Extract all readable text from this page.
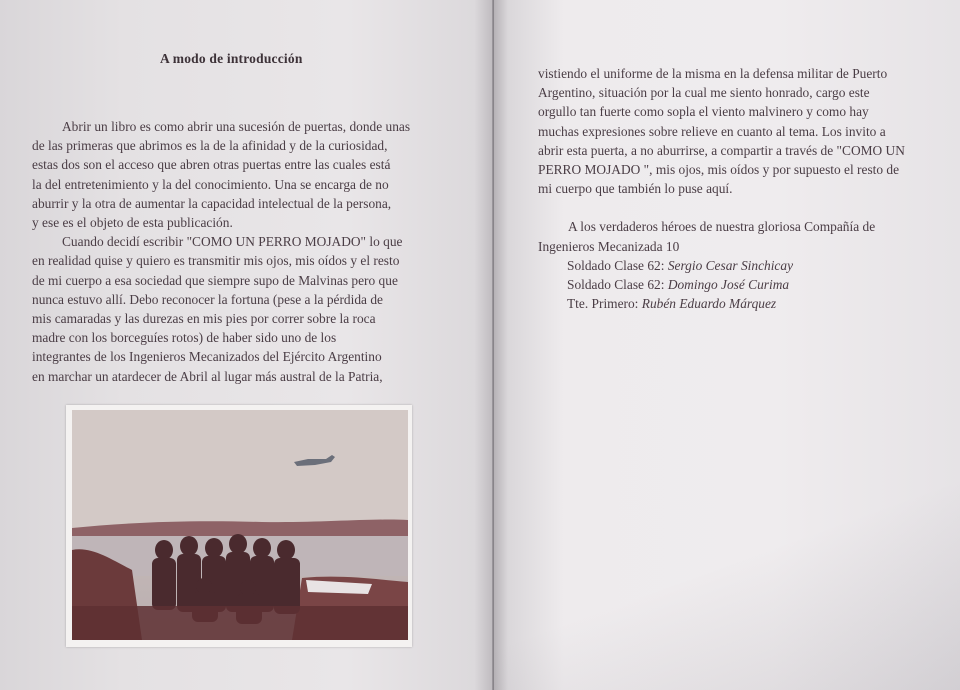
A modo de introducción
Abrir un libro es como abrir una sucesión de puertas, donde unas
de las primeras que abrimos es la de la afinidad y de la curiosidad,
estas dos son el acceso que abren otras puertas entre las cuales está
la del entretenimiento y la del conocimiento. Una se encarga de no
aburrir y la otra de aumentar la capacidad intelectual de la persona,
y ese es el objeto de esta publicación.
Cuando decidí escribir "COMO UN PERRO MOJADO" lo que
en realidad quise y quiero es transmitir mis ojos, mis oídos y el resto
de mi cuerpo a esa sociedad que siempre supo de Malvinas pero que
nunca estuvo allí. Debo reconocer la fortuna (pese a la pérdida de
mis camaradas y las durezas en mis pies por correr sobre la roca
madre con los borceguíes rotos) de haber sido uno de los
integrantes de los Ingenieros Mecanizados del Ejército Argentino
en marchar un atardecer de Abril al lugar más austral de la Patria,
vistiendo el uniforme de la misma en la defensa militar de Puerto
Argentino, situación por la cual me siento honrado, cargo este
orgullo tan fuerte como sopla el viento malvinero y como hay
muchas expresiones sobre relieve en cuanto al tema. Los invito a
abrir esta puerta, a no aburrirse, a compartir a través de "COMO UN
PERRO MOJADO ", mis ojos, mis oídos y por supuesto el resto de
mi cuerpo que también lo puse aquí.
A los verdaderos héroes de nuestra gloriosa Compañía de
Ingenieros Mecanizada 10
Soldado Clase 62: Sergio Cesar Sinchicay
Soldado Clase 62: Domingo José Curima
Tte. Primero: Rubén Eduardo Márquez
